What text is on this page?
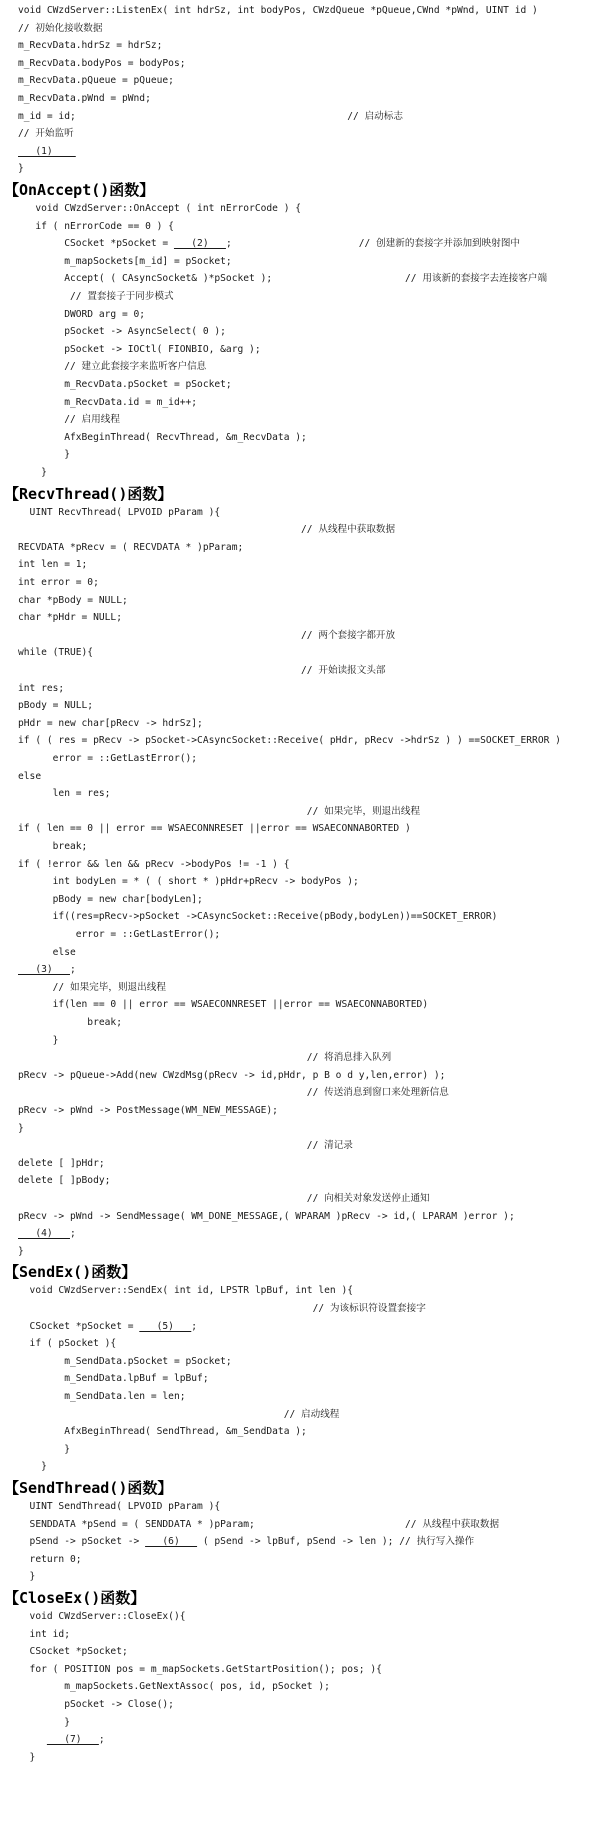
void CWzdServer::ListenEx( int hdrSz, int bodyPos, CWzdQueue *pQueue,CWnd *pWnd, UINT id )
// 初始化接收数据
m_RecvData.hdrSz = hdrSz;
m_RecvData.bodyPos = bodyPos;
m_RecvData.pQueue = pQueue;
m_RecvData.pWnd = pWnd;
m_id = id;                                               // 启动标志
// 开始监听
(1)
}
【OnAccept()函数】
void CWzdServer::OnAccept ( int nErrorCode ) {
if ( nErrorCode == 0 ) {
CSocket *pSocket =    (2)   ;                      // 创建新的套接字并添加到映射图中
m_mapSockets[m_id] = pSocket;
Accept( ( CAsyncSocket& )*pSocket );                       // 用该新的套接字去连接客户端
// 置套接子于同步模式
DWORD arg = 0;
pSocket -> AsyncSelect( 0 );
pSocket -> IOCtl( FIONBIO, &arg );
// 建立此套接字来监听客户信息
m_RecvData.pSocket = pSocket;
m_RecvData.id = m_id++;
// 启用线程
AfxBeginThread( RecvThread, &m_RecvData );
}
}
【RecvThread()函数】
UINT RecvThread( LPVOID pParam ){
// 从线程中获取数据
RECVDATA *pRecv = ( RECVDATA * )pParam;
int len = 1;
int error = 0;
char *pBody = NULL;
char *pHdr = NULL;
// 两个套接字都开放
while (TRUE){
// 开始读报文头部
int res;
pBody = NULL;
pHdr = new char[pRecv -> hdrSz];
if ( ( res = pRecv -> pSocket->CAsyncSocket::Receive( pHdr, pRecv ->hdrSz ) ) ==SOCKET_ERROR )
error = ::GetLastError();
else
len = res;
// 如果完毕，则退出线程
if ( len == 0 || error == WSAECONNRESET ||error == WSAECONNABORTED )
break;
if ( !error && len && pRecv ->bodyPos != -1 ) {
int bodyLen = * ( ( short * )pHdr+pRecv -> bodyPos );
pBody = new char[bodyLen];
if((res=pRecv->pSocket ->CAsyncSocket::Receive(pBody,bodyLen))==SOCKET_ERROR)
error = ::GetLastError();
else
(3)   ;
// 如果完毕，则退出线程
if(len == 0 || error == WSAECONNRESET ||error == WSAECONNABORTED)
break;
}
// 将消息排入队列
pRecv -> pQueue->Add(new CWzdMsg(pRecv -> id,pHdr, p B o d y,len,error) );
// 传送消息到窗口来处理新信息
pRecv -> pWnd -> PostMessage(WM_NEW_MESSAGE);
}
// 清记录
delete [ ]pHdr;
delete [ ]pBody;
// 向相关对象发送停止通知
pRecv -> pWnd -> SendMessage( WM_DONE_MESSAGE,( WPARAM )pRecv -> id,( LPARAM )error );
(4)   ;
}
【SendEx()函数】
void CWzdServer::SendEx( int id, LPSTR lpBuf, int len ){
// 为该标识符设置套接字
CSocket *pSocket =    (5)   ;
if ( pSocket ){
m_SendData.pSocket = pSocket;
m_SendData.lpBuf = lpBuf;
m_SendData.len = len;
// 启动线程
AfxBeginThread( SendThread, &m_SendData );
}
}
【SendThread()函数】
UINT SendThread( LPVOID pParam ){
SENDDATA *pSend = ( SENDDATA * )pParam;                          // 从线程中获取数据
pSend -> pSocket ->    (6)    ( pSend -> lpBuf, pSend -> len ); // 执行写入操作
return 0;
}
【CloseEx()函数】
void CWzdServer::CloseEx(){
int id;
CSocket *pSocket;
for ( POSITION pos = m_mapSockets.GetStartPosition(); pos; ){
m_mapSockets.GetNextAssoc( pos, id, pSocket );
pSocket -> Close();
}
(7)   ;
}
